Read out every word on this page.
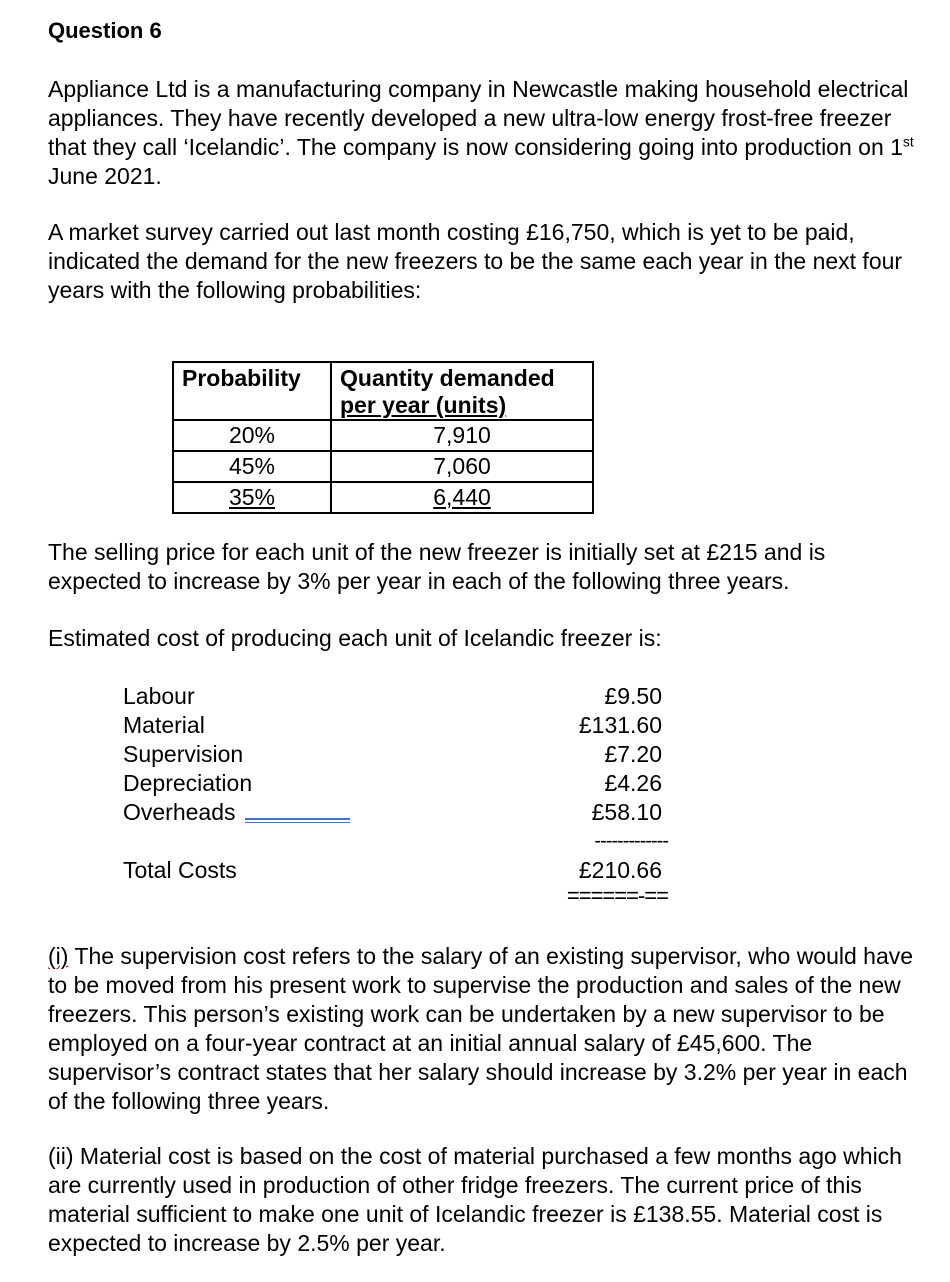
Question 6

Appliance Ltd is a manufacturing company in Newcastle making household electrical appliances. They have recently developed a new ultra-low energy frost-free freezer that they call ‘Icelandic’. The company is now considering going into production on 1st June 2021.

A market survey carried out last month costing £16,750, which is yet to be paid, indicated the demand for the new freezers to be the same each year in the next four years with the following probabilities:

Probability	Quantity demanded
per year (units)
20%	7,910
45%	7,060
35%	6,440

The selling price for each unit of the new freezer is initially set at £215 and is expected to increase by 3% per year in each of the following three years.

Estimated cost of producing each unit of Icelandic freezer is:

Labour	£9.50
Material	£131.60
Supervision	£7.20
Depreciation	£4.26
Overheads	£58.10
-------------
Total Costs	£210.66
======-==

(i) The supervision cost refers to the salary of an existing supervisor, who would have to be moved from his present work to supervise the production and sales of the new freezers. This person’s existing work can be undertaken by a new supervisor to be employed on a four-year contract at an initial annual salary of £45,600. The supervisor’s contract states that her salary should increase by 3.2% per year in each of the following three years.

(ii) Material cost is based on the cost of material purchased a few months ago which are currently used in production of other fridge freezers. The current price of this material sufficient to make one unit of Icelandic freezer is £138.55. Material cost is expected to increase by 2.5% per year.
